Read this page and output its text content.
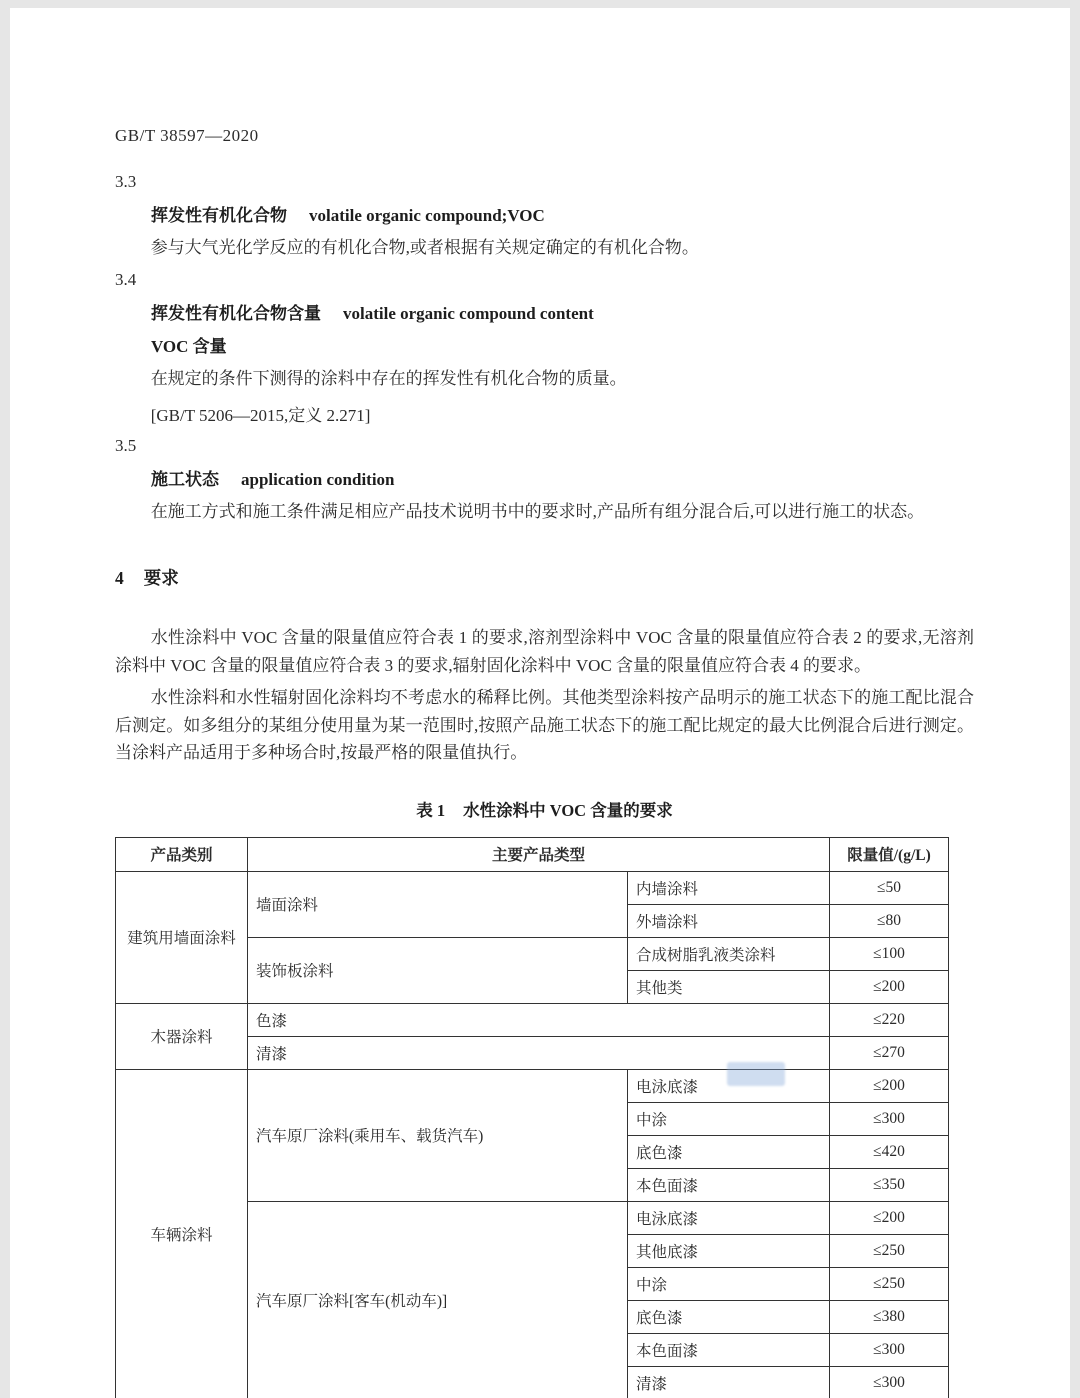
GB/T 38597—2020
3.3
挥发性有机化合物 volatile organic compound;VOC

参与大气光化学反应的有机化合物,或者根据有关规定确定的有机化合物。

3.4
挥发性有机化合物含量 volatile organic compound content
VOC 含量

在规定的条件下测得的涂料中存在的挥发性有机化合物的质量。

[GB/T 5206—2015,定义 2.271]
3.5
施工状态 application condition

在施工方式和施工条件满足相应产品技术说明书中的要求时,产品所有组分混合后,可以进行施工的状态。

4 要求

水性涂料中 VOC 含量的限量值应符合表 1 的要求,溶剂型涂料中 VOC 含量的限量值应符合表 2 的要求,无溶剂涂料中 VOC 含量的限量值应符合表 3 的要求,辐射固化涂料中 VOC 含量的限量值应符合表 4 的要求。

水性涂料和水性辐射固化涂料均不考虑水的稀释比例。其他类型涂料按产品明示的施工状态下的施工配比混合后测定。如多组分的某组分使用量为某一范围时,按照产品施工状态下的施工配比规定的最大比例混合后进行测定。当涂料产品适用于多种场合时,按最严格的限量值执行。

表 1 水性涂料中 VOC 含量的要求
产品类别	主要产品类型		限量值/(g/L)
建筑用墙面涂料	墙面涂料	内墙涂料	≤50
		外墙涂料	≤80
	装饰板涂料	合成树脂乳液类涂料	≤100
		其他类	≤200
木器涂料	色漆		≤220
	清漆		≤270
车辆涂料	汽车原厂涂料(乘用车、载货汽车)	电泳底漆	≤200
		中涂	≤300
		底色漆	≤420
		本色面漆	≤350
	汽车原厂涂料[客车(机动车)]	电泳底漆	≤200
		其他底漆	≤250
		中涂	≤250
		底色漆	≤380
		本色面漆	≤300
		清漆	≤300
